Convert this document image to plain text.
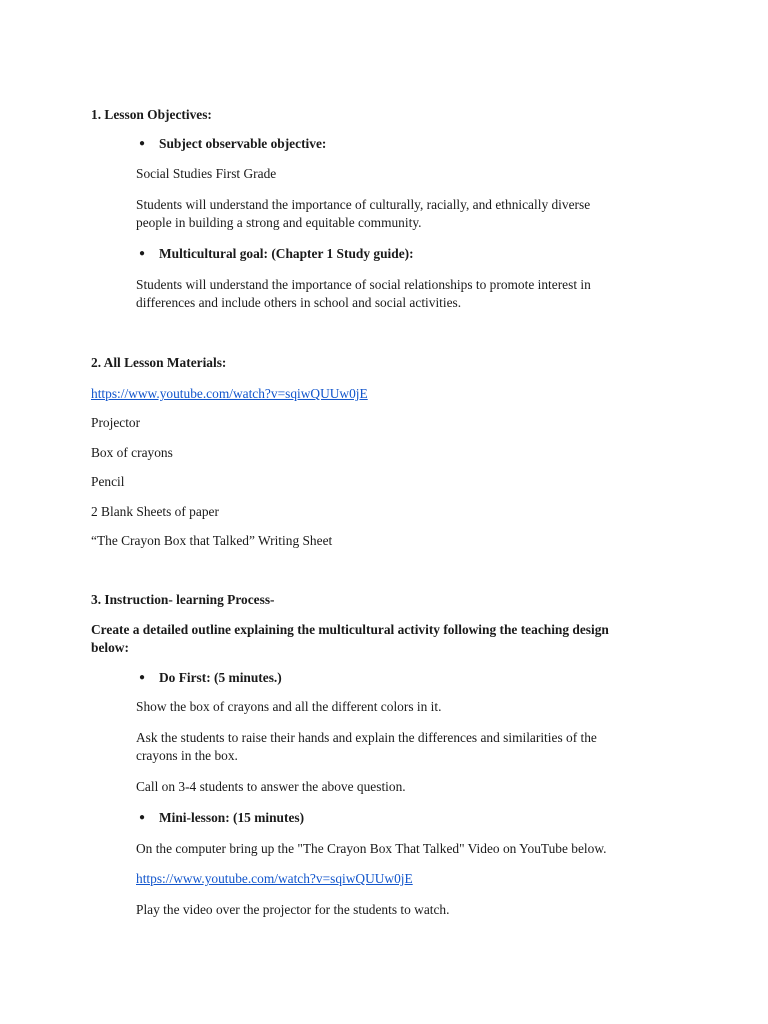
1. Lesson Objectives:
● Subject observable objective:
Social Studies First Grade
Students will understand the importance of culturally, racially, and ethnically diverse
people in building a strong and equitable community.
● Multicultural goal: (Chapter 1 Study guide):
Students will understand the importance of social relationships to promote interest in
differences and include others in school and social activities.
2. All Lesson Materials:
https://www.youtube.com/watch?v=sqiwQUUw0jE
Projector
Box of crayons
Pencil
2 Blank Sheets of paper
“The Crayon Box that Talked” Writing Sheet
3. Instruction- learning Process-
Create a detailed outline explaining the multicultural activity following the teaching design
below:
● Do First: (5 minutes.)
Show the box of crayons and all the different colors in it.
Ask the students to raise their hands and explain the differences and similarities of the
crayons in the box.
Call on 3-4 students to answer the above question.
● Mini-lesson: (15 minutes)
On the computer bring up the "The Crayon Box That Talked" Video on YouTube below.
https://www.youtube.com/watch?v=sqiwQUUw0jE
Play the video over the projector for the students to watch.
